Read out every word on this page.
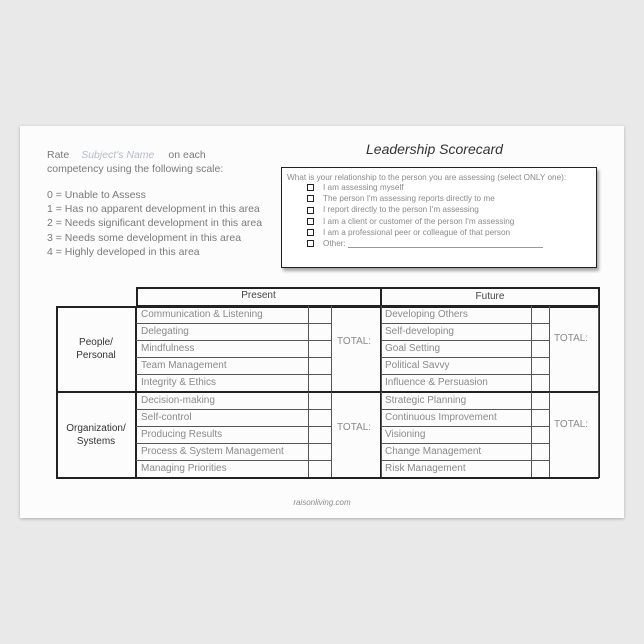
Rate Subject's Name on each
competency using the following scale:
0 = Unable to Assess
1 = Has no apparent development in this area
2 = Needs significant development in this area
3 = Needs some development in this area
4 = Highly developed in this area
Leadership Scorecard
What is your relationship to the person you are assessing (select ONLY one):
I am assessing myself
The person I'm assessing reports directly to me
I report directly to the person I'm assessing
I am a client or customer of the person I'm assessing
I am a professional peer or colleague of that person
Other:
Present	Future
People/
Personal
Communication & Listening	Developing Others
Delegating	Self-developing
Mindfulness	Goal Setting
Team Management	Political Savvy
Integrity & Ethics	Influence & Persuasion
TOTAL:	TOTAL:
Organization/
Systems
Decision-making	Strategic Planning
Self-control	Continuous Improvement
Producing Results	Visioning
Process & System Management	Change Management
Managing Priorities	Risk Management
TOTAL:	TOTAL:
raisonliving.com
